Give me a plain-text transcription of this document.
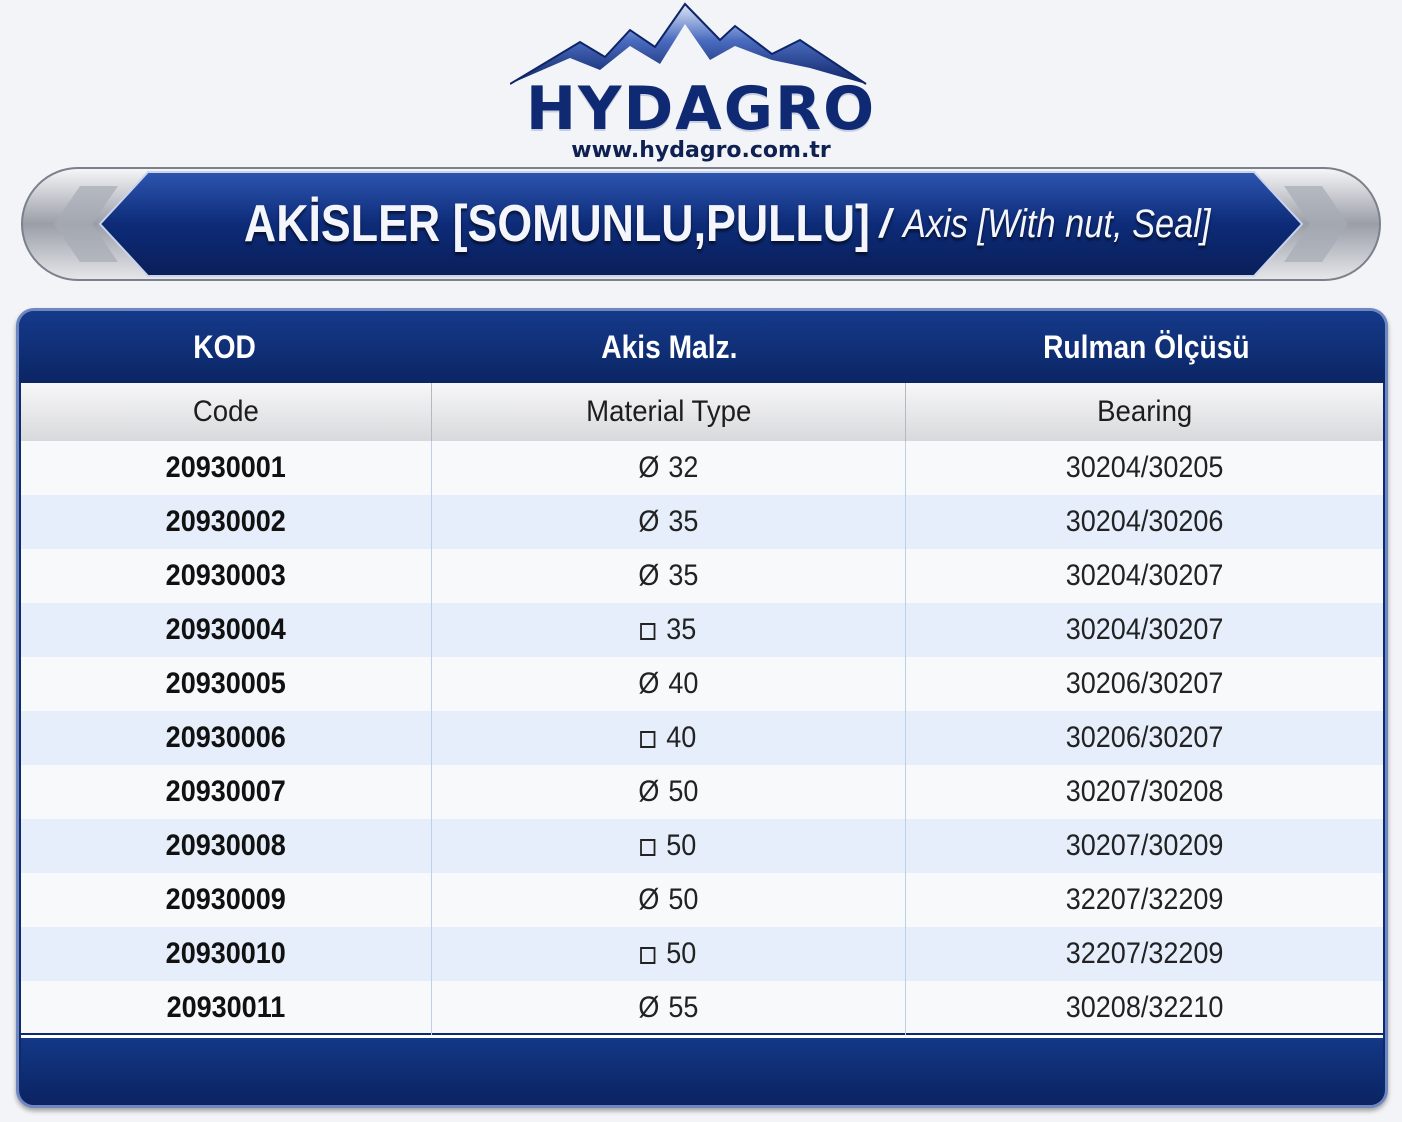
HYDAGRO
www.hydagro.com.tr
AKİSLER [SOMUNLU,PULLU] / Axis [With nut, Seal]
KOD	Akis Malz.	Rulman Ölçüsü
Code	Material Type	Bearing
20930001	Ø 32	30204/30205
20930002	Ø 35	30204/30206
20930003	Ø 35	30204/30207
20930004	35	30204/30207
20930005	Ø 40	30206/30207
20930006	40	30206/30207
20930007	Ø 50	30207/30208
20930008	50	30207/30209
20930009	Ø 50	32207/32209
20930010	50	32207/32209
20930011	Ø 55	30208/32210
